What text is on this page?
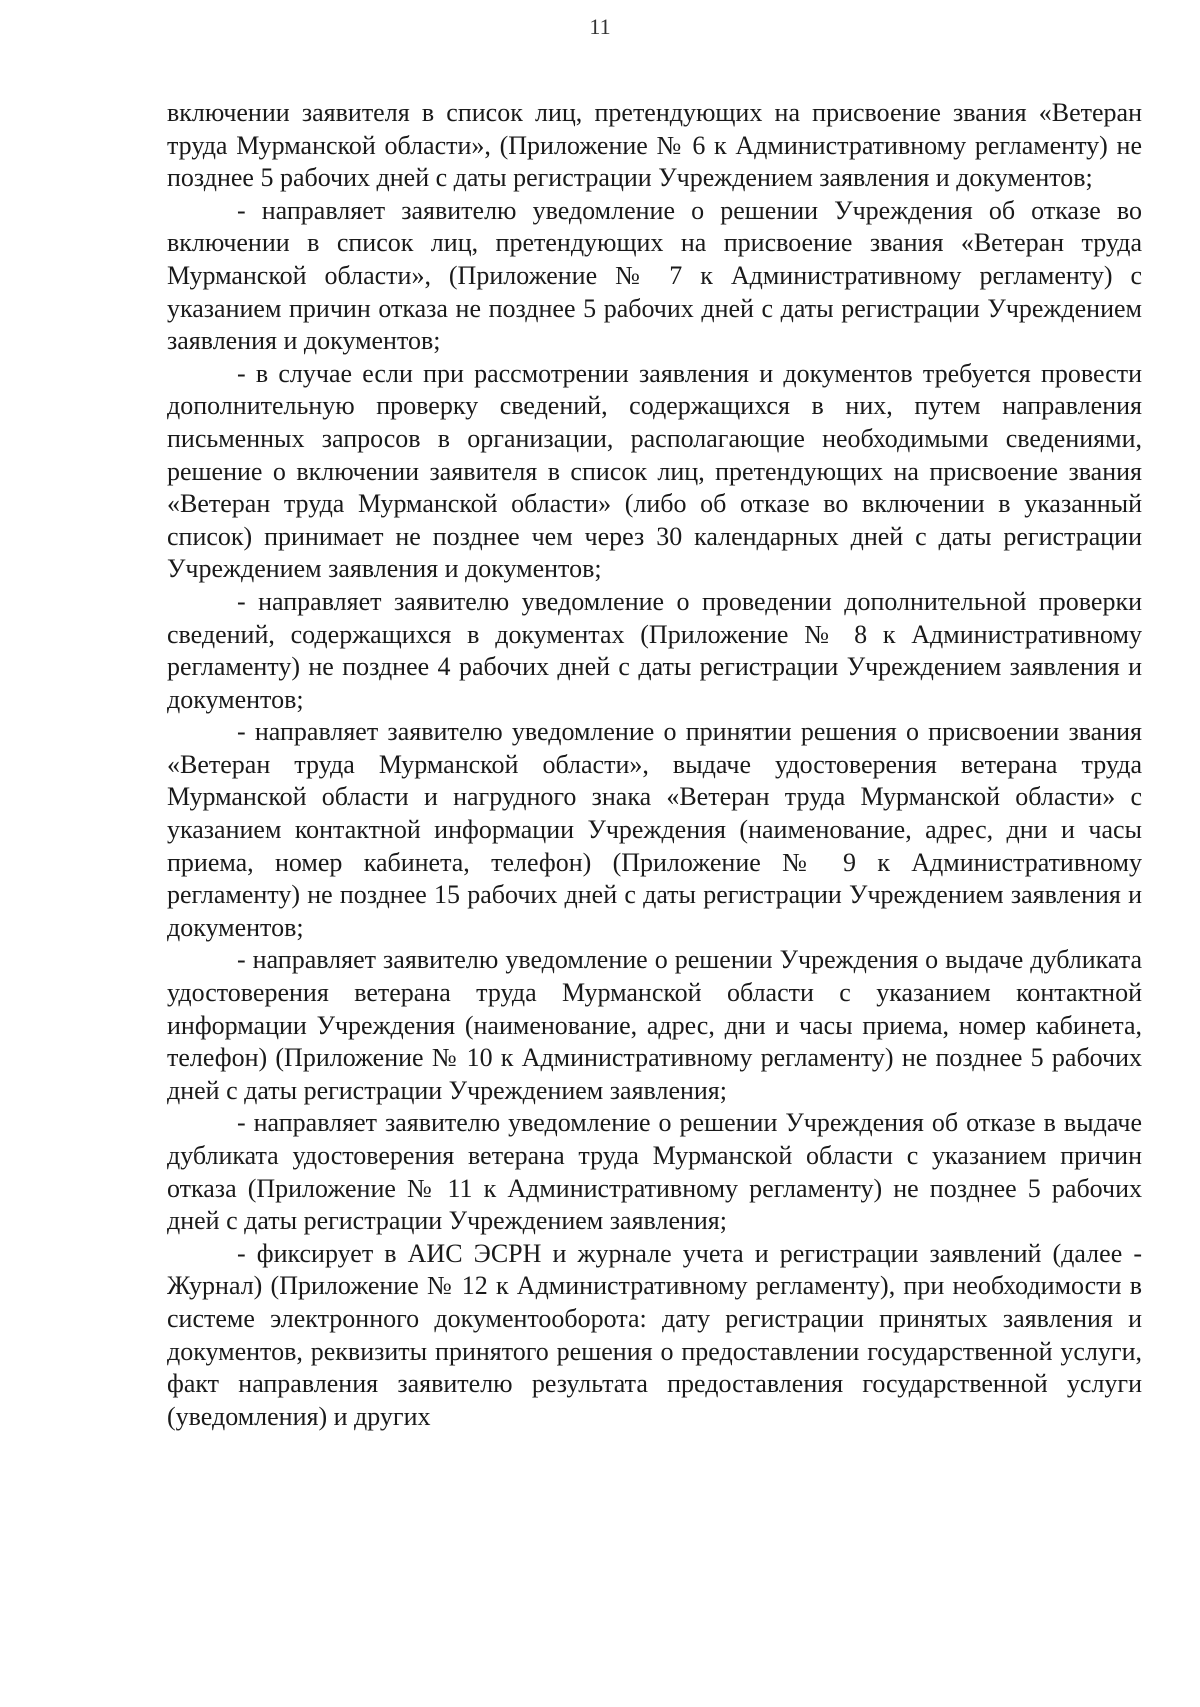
11

включении заявителя в список лиц, претендующих на присвоение звания «Ветеран труда Мурманской области», (Приложение № 6 к Административному регламенту) не позднее 5 рабочих дней с даты регистрации Учреждением заявления и документов;

- направляет заявителю уведомление о решении Учреждения об отказе во включении в список лиц, претендующих на присвоение звания «Ветеран труда Мурманской области», (Приложение № 7 к Административному регламенту) с указанием причин отказа не позднее 5 рабочих дней с даты регистрации Учреждением заявления и документов;

- в случае если при рассмотрении заявления и документов требуется провести дополнительную проверку сведений, содержащихся в них, путем направления письменных запросов в организации, располагающие необходимыми сведениями, решение о включении заявителя в список лиц, претендующих на присвоение звания «Ветеран труда Мурманской области» (либо об отказе во включении в указанный список) принимает не позднее чем через 30 календарных дней с даты регистрации Учреждением заявления и документов;

- направляет заявителю уведомление о проведении дополнительной проверки сведений, содержащихся в документах (Приложение № 8 к Административному регламенту) не позднее 4 рабочих дней с даты регистрации Учреждением заявления и документов;

- направляет заявителю уведомление о принятии решения о присвоении звания «Ветеран труда Мурманской области», выдаче удостоверения ветерана труда Мурманской области и нагрудного знака «Ветеран труда Мурманской области» с указанием контактной информации Учреждения (наименование, адрес, дни и часы приема, номер кабинета, телефон) (Приложение № 9 к Административному регламенту) не позднее 15 рабочих дней с даты регистрации Учреждением заявления и документов;

- направляет заявителю уведомление о решении Учреждения о выдаче дубликата удостоверения ветерана труда Мурманской области с указанием контактной информации Учреждения (наименование, адрес, дни и часы приема, номер кабинета, телефон) (Приложение № 10 к Административному регламенту) не позднее 5 рабочих дней с даты регистрации Учреждением заявления;

- направляет заявителю уведомление о решении Учреждения об отказе в выдаче дубликата удостоверения ветерана труда Мурманской области с указанием причин отказа (Приложение № 11 к Административному регламенту) не позднее 5 рабочих дней с даты регистрации Учреждением заявления;

- фиксирует в АИС ЭСРН и журнале учета и регистрации заявлений (далее - Журнал) (Приложение № 12 к Административному регламенту), при необходимости в системе электронного документооборота: дату регистрации принятых заявления и документов, реквизиты принятого решения о предоставлении государственной услуги, факт направления заявителю результата предоставления государственной услуги (уведомления) и других
